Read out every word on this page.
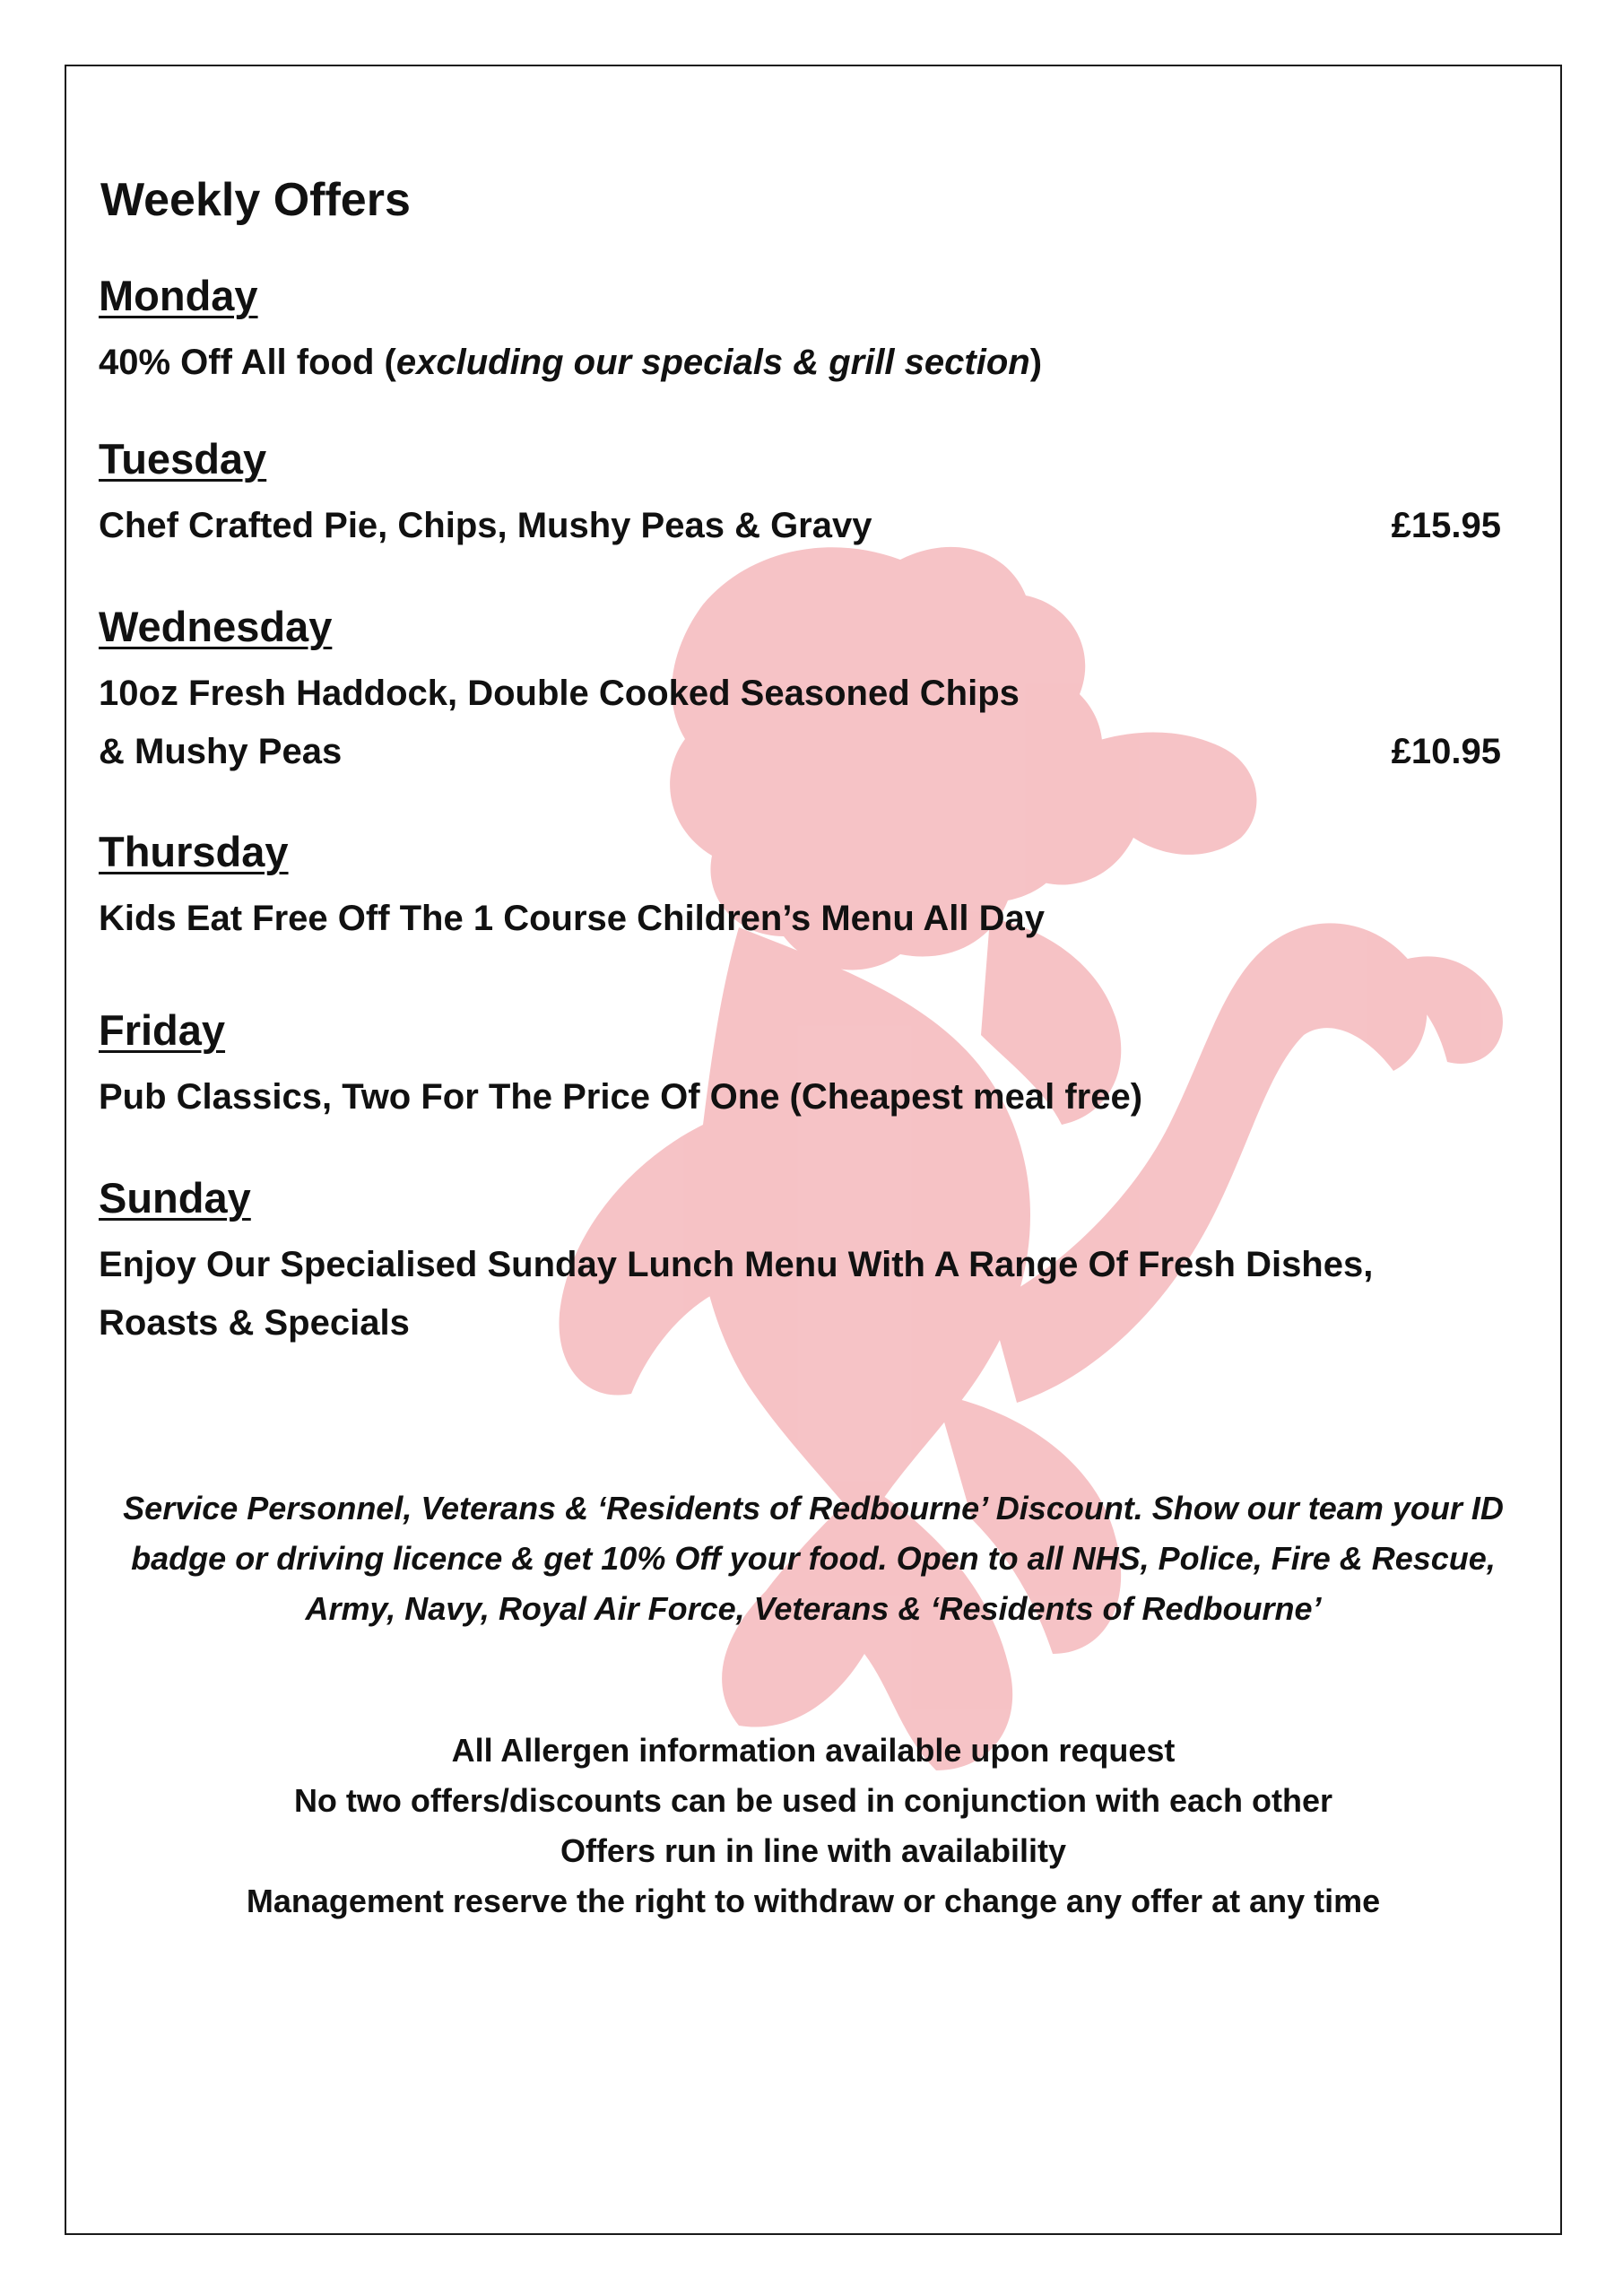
Weekly Offers
Monday
40% Off All food (excluding our specials & grill section)
Tuesday
Chef Crafted Pie, Chips, Mushy Peas & Gravy	£15.95
Wednesday
10oz Fresh Haddock, Double Cooked Seasoned Chips
& Mushy Peas	£10.95
Thursday
Kids Eat Free Off The 1 Course Children’s Menu All Day
Friday
Pub Classics, Two For The Price Of One (Cheapest meal free)
Sunday
Enjoy Our Specialised Sunday Lunch Menu With A Range Of Fresh Dishes,
Roasts & Specials
Service Personnel, Veterans & ‘Residents of Redbourne’ Discount. Show our team your ID
badge or driving licence & get 10% Off your food. Open to all NHS, Police, Fire & Rescue,
Army, Navy, Royal Air Force, Veterans & ‘Residents of Redbourne’
All Allergen information available upon request
No two offers/discounts can be used in conjunction with each other
Offers run in line with availability
Management reserve the right to withdraw or change any offer at any time
